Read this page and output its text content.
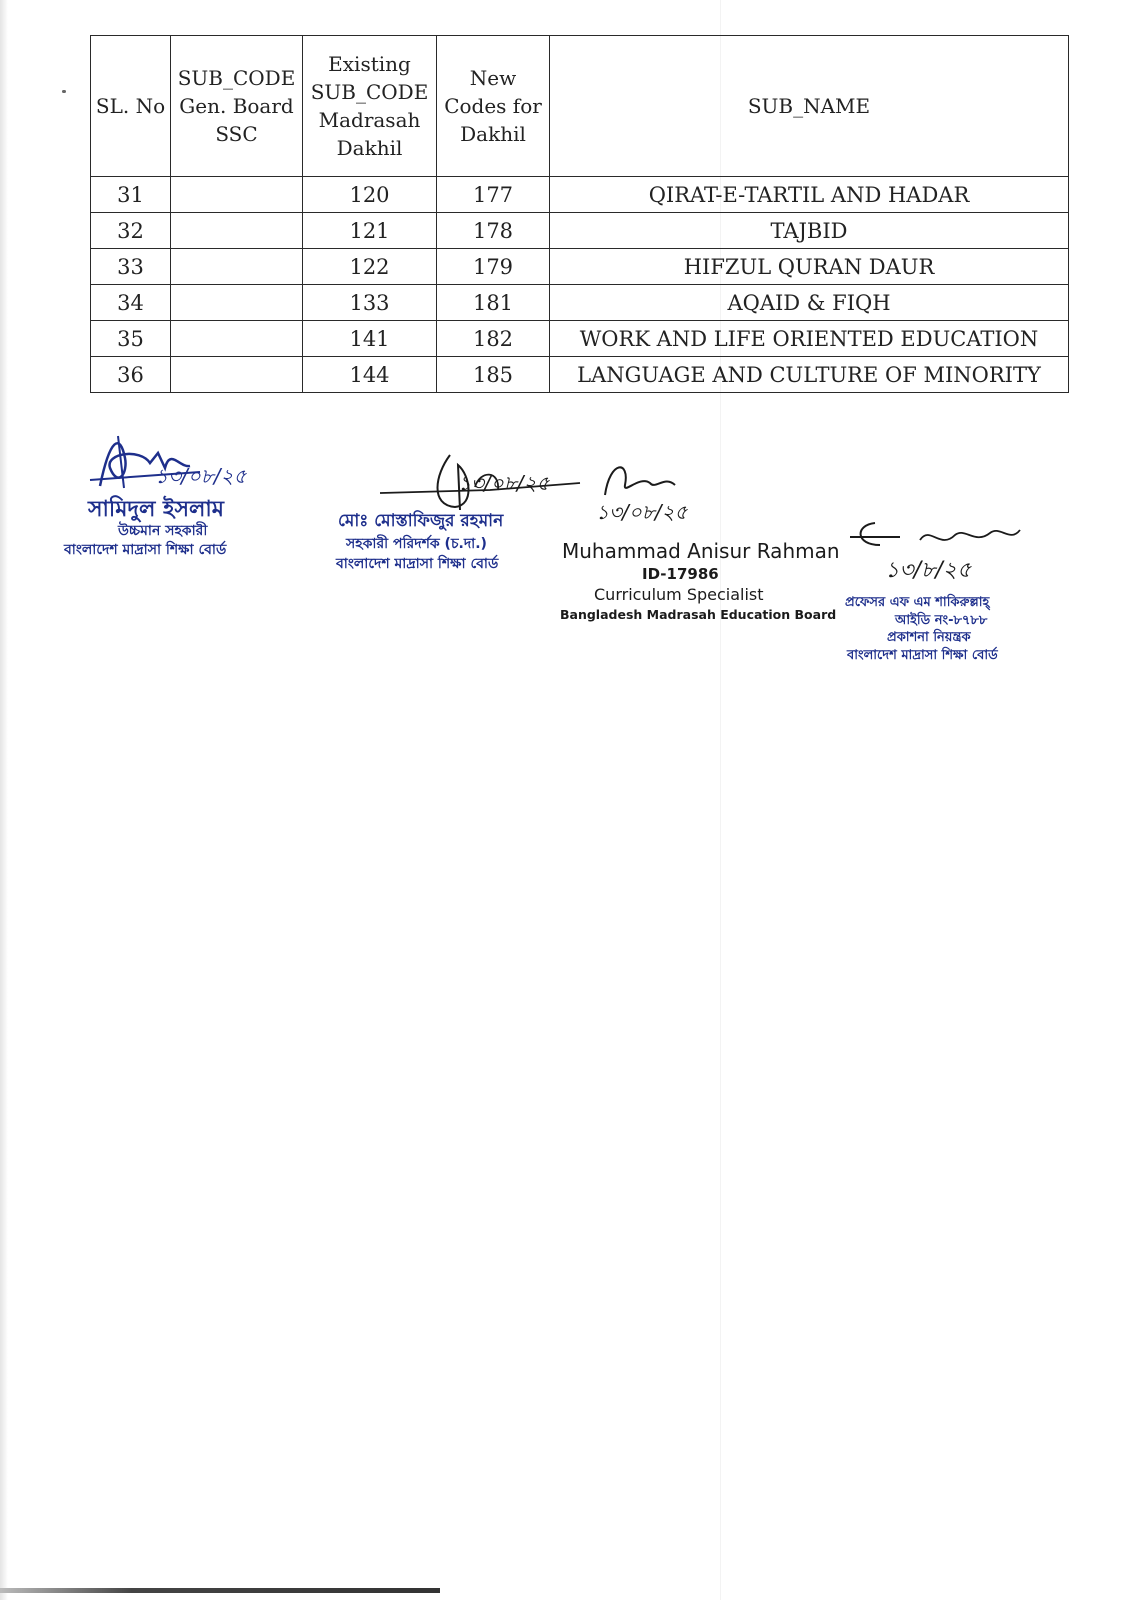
SL. No	SUB_CODE Gen. Board SSC	Existing SUB_CODE Madrasah Dakhil	New Codes for Dakhil	SUB_NAME
31		120	177	QIRAT-E-TARTIL AND HADAR
32		121	178	TAJBID
33		122	179	HIFZUL QURAN DAUR
34		133	181	AQAID & FIQH
35		141	182	WORK AND LIFE ORIENTED EDUCATION
36		144	185	LANGUAGE AND CULTURE OF MINORITY
১৩/০৮/২৫
সামিদুল ইসলাম
উচ্চমান সহকারী
বাংলাদেশ মাদ্রাসা শিক্ষা বোর্ড
১৩/০৮/২৫
মোঃ মোস্তাফিজুর রহমান
সহকারী পরিদর্শক (চ.দা.)
বাংলাদেশ মাদ্রাসা শিক্ষা বোর্ড
১৩/০৮/২৫
Muhammad Anisur Rahman
ID-17986
Curriculum Specialist
Bangladesh Madrasah Education Board
১৩/৮/২৫
প্রফেসর এফ এম শাকিরুল্লাহ্
আইডি নং-৮৭৮৮
প্রকাশনা নিয়ন্ত্রক
বাংলাদেশ মাদ্রাসা শিক্ষা বোর্ড
